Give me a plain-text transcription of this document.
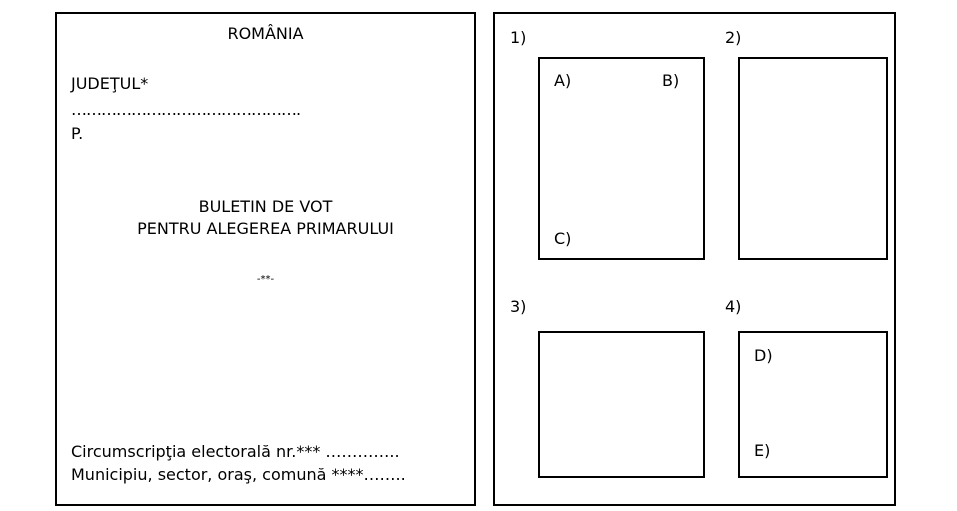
ROMÂNIA
JUDEŢUL*
……………………………………….
P.
BULETIN DE VOT
PENTRU ALEGEREA PRIMARULUI
-**-
Circumscripţia electorală nr.*** …………..
Municipiu, sector, oraş, comună ****……..
1)
A)	B)
C)
2)
3)	4)
D)
E)
